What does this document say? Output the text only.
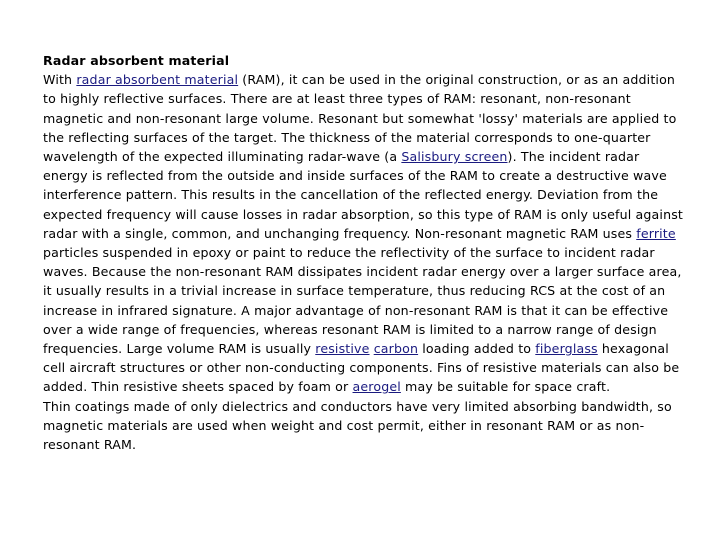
Radar absorbent material

With radar absorbent material (RAM), it can be used in the original construction, or as an addition to highly reflective surfaces. There are at least three types of RAM: resonant, non-resonant magnetic and non-resonant large volume. Resonant but somewhat 'lossy' materials are applied to the reflecting surfaces of the target. The thickness of the material corresponds to one-quarter wavelength of the expected illuminating radar-wave (a Salisbury screen). The incident radar energy is reflected from the outside and inside surfaces of the RAM to create a destructive wave interference pattern. This results in the cancellation of the reflected energy. Deviation from the expected frequency will cause losses in radar absorption, so this type of RAM is only useful against radar with a single, common, and unchanging frequency. Non-resonant magnetic RAM uses ferrite particles suspended in epoxy or paint to reduce the reflectivity of the surface to incident radar waves. Because the non-resonant RAM dissipates incident radar energy over a larger surface area, it usually results in a trivial increase in surface temperature, thus reducing RCS at the cost of an increase in infrared signature. A major advantage of non-resonant RAM is that it can be effective over a wide range of frequencies, whereas resonant RAM is limited to a narrow range of design frequencies. Large volume RAM is usually resistive carbon loading added to fiberglass hexagonal cell aircraft structures or other non-conducting components. Fins of resistive materials can also be added. Thin resistive sheets spaced by foam or aerogel may be suitable for space craft.

Thin coatings made of only dielectrics and conductors have very limited absorbing bandwidth, so magnetic materials are used when weight and cost permit, either in resonant RAM or as non-resonant RAM.
